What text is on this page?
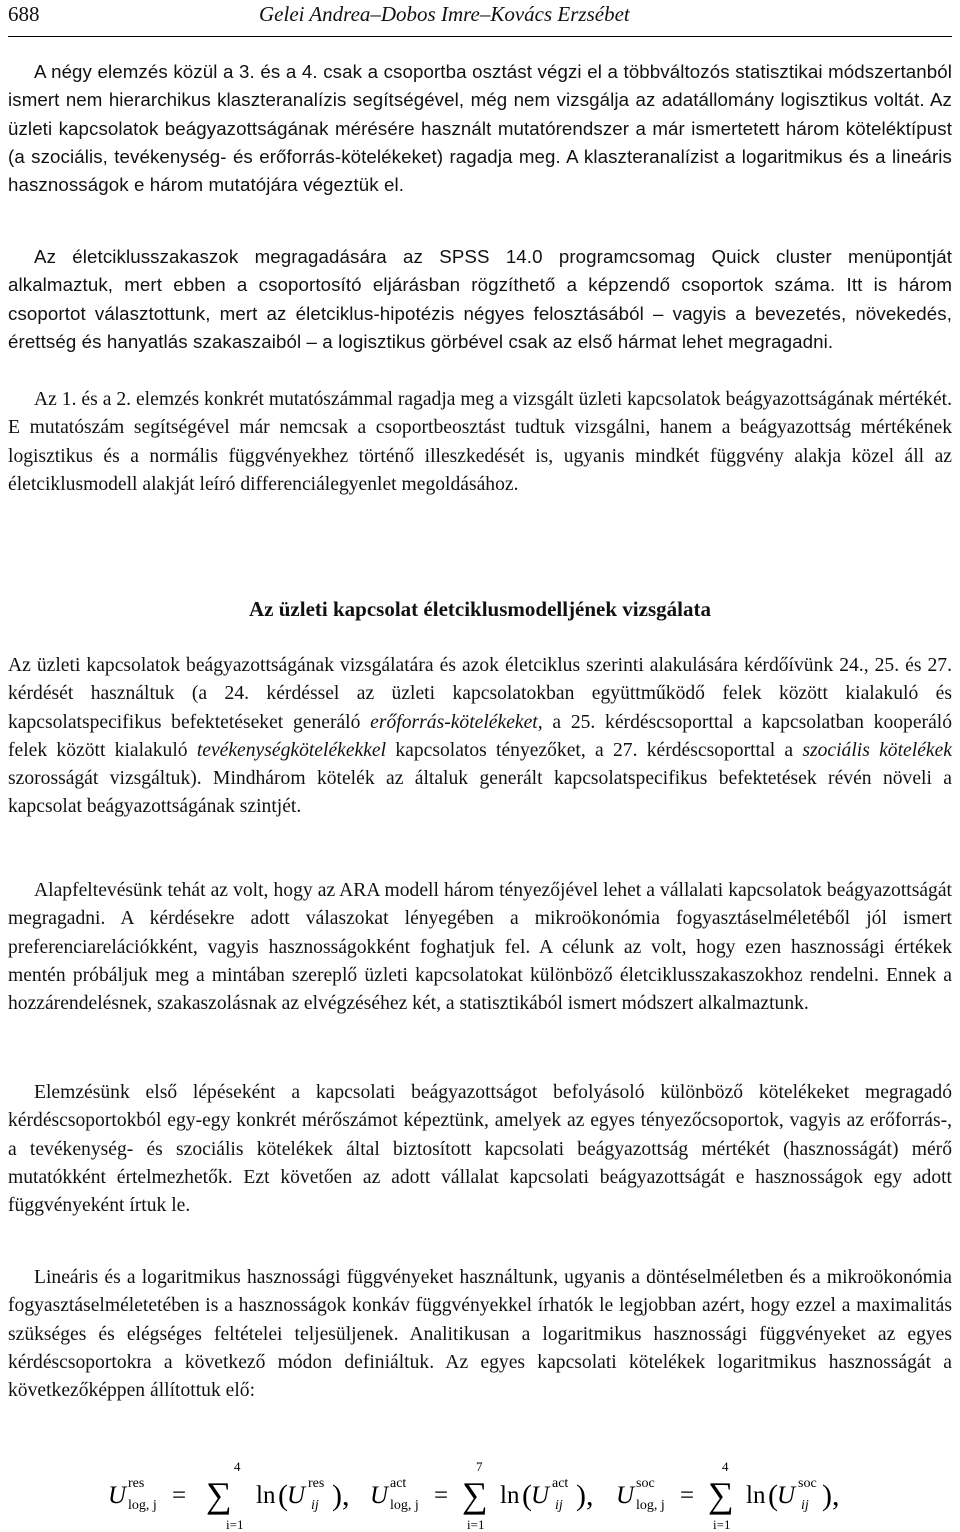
688	Gelei Andrea–Dobos Imre–Kovács Erzsébet

A négy elemzés közül a 3. és a 4. csak a csoportba osztást végzi el a többváltozós statisztikai módszertanból ismert nem hierarchikus klaszteranalízis segítségével, még nem vizsgálja az adatállomány logisztikus voltát. Az üzleti kapcsolatok beágyazottságának mérésére használt mutatórendszer a már ismertetett három köteléktípust (a szociális, tevékenység- és erőforrás-kötelékeket) ragadja meg. A klaszteranalízist a logaritmikus és a lineáris hasznosságok e három mutatójára végeztük el.

Az életciklusszakaszok megragadására az SPSS 14.0 programcsomag Quick cluster menüpontját alkalmaztuk, mert ebben a csoportosító eljárásban rögzíthető a képzendő csoportok száma. Itt is három csoportot választottunk, mert az életciklus-hipotézis négyes felosztásából – vagyis a bevezetés, növekedés, érettség és hanyatlás szakaszaiból – a logisztikus görbével csak az első hármat lehet megragadni.

Az 1. és a 2. elemzés konkrét mutatószámmal ragadja meg a vizsgált üzleti kapcsolatok beágyazottságának mértékét. E mutatószám segítségével már nemcsak a csoportbeosztást tudtuk vizsgálni, hanem a beágyazottság mértékének logisztikus és a normális függvényekhez történő illeszkedését is, ugyanis mindkét függvény alakja közel áll az életciklusmodell alakját leíró differenciálegyenlet megoldásához.

Az üzleti kapcsolat életciklusmodelljének vizsgálata

Az üzleti kapcsolatok beágyazottságának vizsgálatára és azok életciklus szerinti alakulására kérdőívünk 24., 25. és 27. kérdését használtuk (a 24. kérdéssel az üzleti kapcsolatokban együttműködő felek között kialakuló és kapcsolatspecifikus befektetéseket generáló erőforrás-kötelékeket, a 25. kérdéscsoporttal a kapcsolatban kooperáló felek között kialakuló tevékenységkötelékekkel kapcsolatos tényezőket, a 27. kérdéscsoporttal a szociális kötelékek szorosságát vizsgáltuk). Mindhárom kötelék az általuk generált kapcsolatspecifikus befektetések révén növeli a kapcsolat beágyazottságának szintjét.

Alapfeltevésünk tehát az volt, hogy az ARA modell három tényezőjével lehet a vállalati kapcsolatok beágyazottságát megragadni. A kérdésekre adott válaszokat lényegében a mikroökonómia fogyasztáselméletéből jól ismert preferenciarelációkként, vagyis hasznosságokként foghatjuk fel. A célunk az volt, hogy ezen hasznossági értékek mentén próbáljuk meg a mintában szereplő üzleti kapcsolatokat különböző életciklusszakaszokhoz rendelni. Ennek a hozzárendelésnek, szakaszolásnak az elvégzéséhez két, a statisztikából ismert módszert alkalmaztunk.

Elemzésünk első lépéseként a kapcsolati beágyazottságot befolyásoló különböző kötelékeket megragadó kérdéscsoportokból egy-egy konkrét mérőszámot képeztünk, amelyek az egyes tényezőcsoportok, vagyis az erőforrás-, a tevékenység- és szociális kötelékek által biztosított kapcsolati beágyazottság mértékét (hasznosságát) mérő mutatókként értelmezhetők. Ezt követően az adott vállalat kapcsolati beágyazottságát e hasznosságok egy adott függvényeként írtuk le.

Lineáris és a logaritmikus hasznossági függvényeket használtunk, ugyanis a döntéselméletben és a mikroökonómia fogyasztáselméletetében is a hasznosságok konkáv függvényekkel írhatók le legjobban azért, hogy ezzel a maximalitás szükséges és elégséges feltételei teljesüljenek. Analitikusan a logaritmikus hasznossági függvényeket az egyes kérdéscsoportokra a következő módon definiáltuk. Az egyes kapcsolati kötelékek logaritmikus hasznosságát a következőképpen állítottuk elő:

U res
log, j =
4
∑
i=1
ln ( U res
ij ), U act
log, j =
7
∑
i=1
ln ( U act
ij ), U soc
log, j =
4
∑
i=1
ln ( U soc
ij ),
